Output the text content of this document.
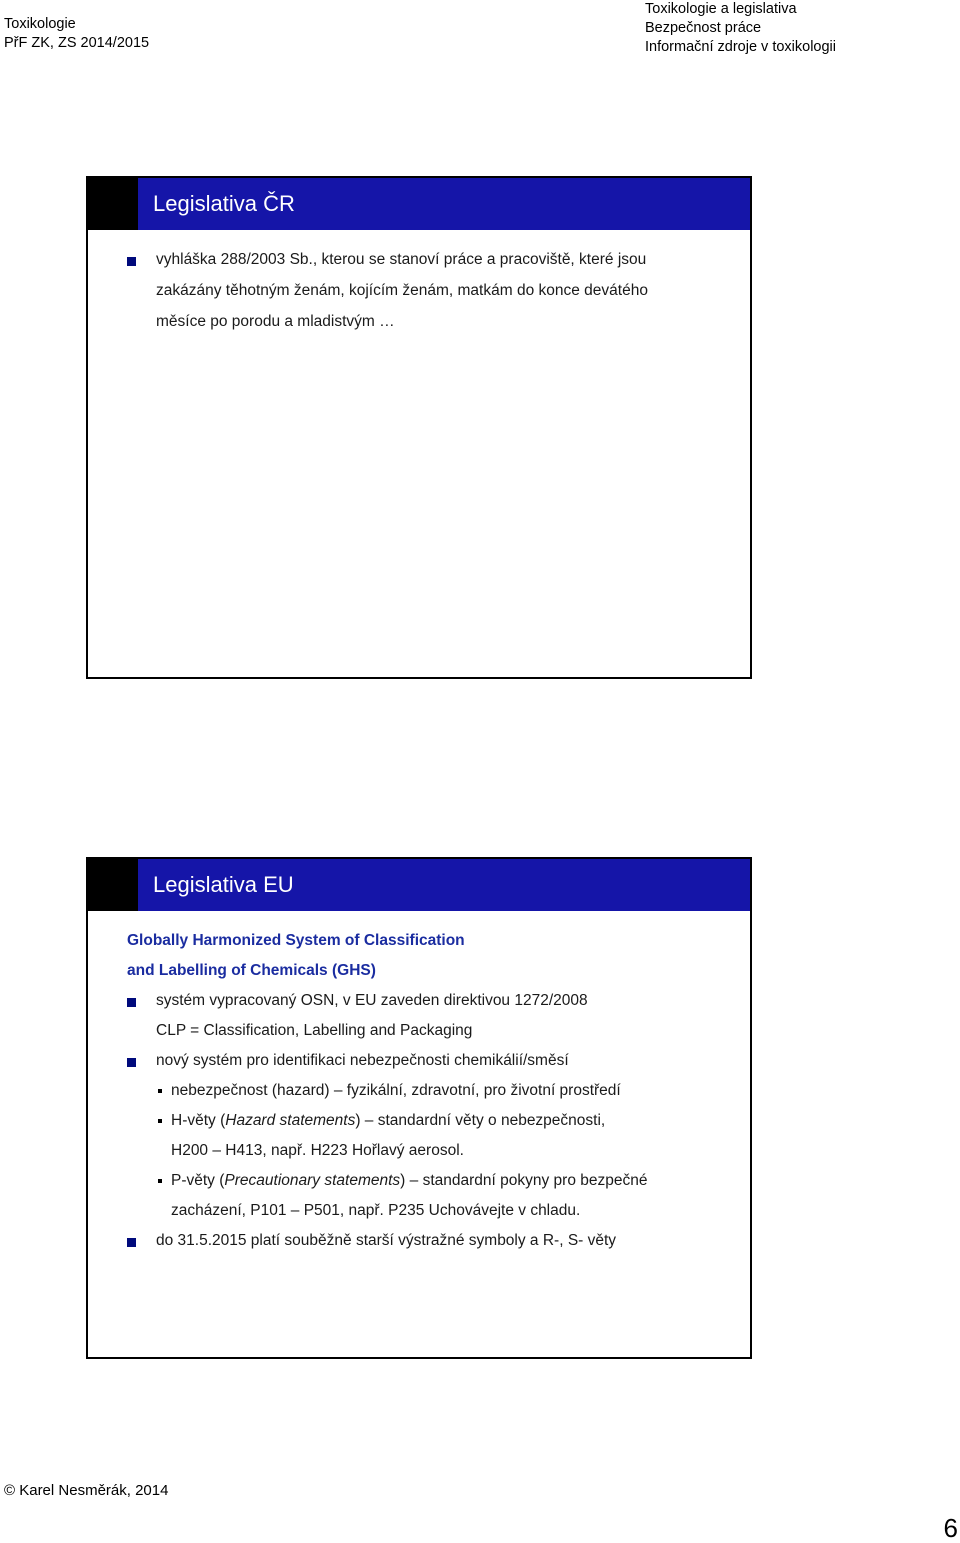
Toxikologie
PřF ZK, ZS 2014/2015
Toxikologie a legislativa
Bezpečnost práce
Informační zdroje v toxikologii
Legislativa ČR
vyhláška 288/2003 Sb., kterou se stanoví práce a pracoviště, které jsou
zakázány těhotným ženám, kojícím ženám, matkám do konce devátého
měsíce po porodu a mladistvým …
Legislativa EU
Globally Harmonized System of Classification
and Labelling of Chemicals (GHS)
systém vypracovaný OSN, v EU zaveden direktivou 1272/2008
CLP = Classification, Labelling and Packaging
nový systém pro identifikaci nebezpečnosti chemikálií/směsí
nebezpečnost (hazard) – fyzikální, zdravotní, pro životní prostředí
H-věty (Hazard statements) – standardní věty o nebezpečnosti,
H200 – H413, např. H223 Hořlavý aerosol.
P-věty (Precautionary statements) – standardní pokyny pro bezpečné
zacházení, P101 – P501, např. P235 Uchovávejte v chladu.
do 31.5.2015 platí souběžně starší výstražné symboly a R-, S- věty
© Karel Nesměrák, 2014
6
